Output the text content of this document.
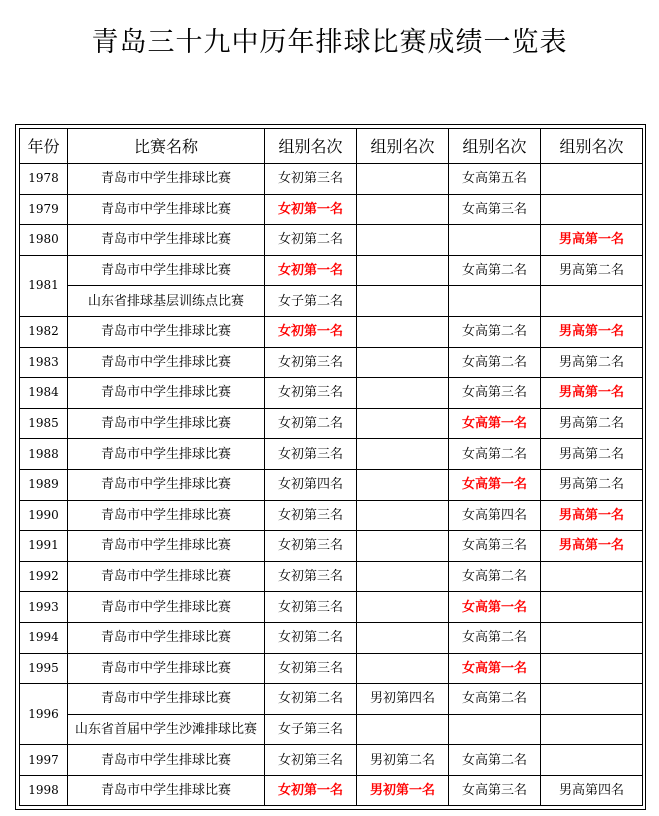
青岛三十九中历年排球比赛成绩一览表
年份	比赛名称	组别名次	组别名次	组别名次	组别名次
1978	青岛市中学生排球比赛	女初第三名		女高第五名	
1979	青岛市中学生排球比赛	女初第一名		女高第三名	
1980	青岛市中学生排球比赛	女初第二名			男高第一名
1981	青岛市中学生排球比赛	女初第一名		女高第二名	男高第二名
	山东省排球基层训练点比赛	女子第二名			
1982	青岛市中学生排球比赛	女初第一名		女高第二名	男高第一名
1983	青岛市中学生排球比赛	女初第三名		女高第二名	男高第二名
1984	青岛市中学生排球比赛	女初第三名		女高第三名	男高第一名
1985	青岛市中学生排球比赛	女初第二名		女高第一名	男高第二名
1988	青岛市中学生排球比赛	女初第三名		女高第二名	男高第二名
1989	青岛市中学生排球比赛	女初第四名		女高第一名	男高第二名
1990	青岛市中学生排球比赛	女初第三名		女高第四名	男高第一名
1991	青岛市中学生排球比赛	女初第三名		女高第三名	男高第一名
1992	青岛市中学生排球比赛	女初第三名		女高第二名	
1993	青岛市中学生排球比赛	女初第三名		女高第一名	
1994	青岛市中学生排球比赛	女初第二名		女高第二名	
1995	青岛市中学生排球比赛	女初第三名		女高第一名	
1996	青岛市中学生排球比赛	女初第二名	男初第四名	女高第二名	
	山东省首届中学生沙滩排球比赛	女子第三名			
1997	青岛市中学生排球比赛	女初第三名	男初第二名	女高第二名	
1998	青岛市中学生排球比赛	女初第一名	男初第一名	女高第三名	男高第四名
